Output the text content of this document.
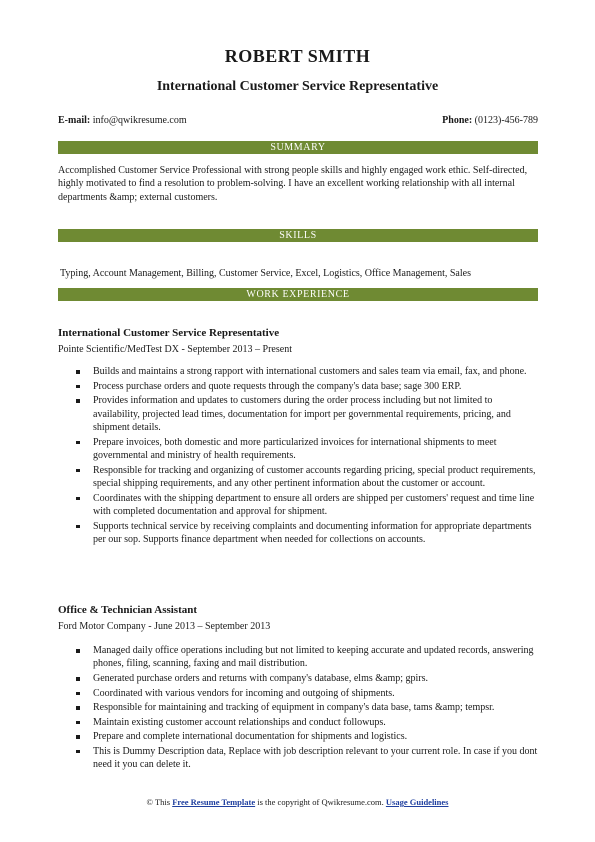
ROBERT SMITH
International Customer Service Representative
E-mail: info@qwikresume.com	Phone: (0123)-456-789
SUMMARY
Accomplished Customer Service Professional with strong people skills and highly engaged work ethic. Self-directed, highly motivated to find a resolution to problem-solving. I have an excellent working relationship with all internal departments &amp; external customers.
SKILLS
Typing, Account Management, Billing, Customer Service, Excel, Logistics, Office Management, Sales
WORK EXPERIENCE
International Customer Service Representative
Pointe Scientific/MedTest DX - September 2013 – Present
Builds and maintains a strong rapport with international customers and sales team via email, fax, and phone.
Process purchase orders and quote requests through the company's data base; sage 300 ERP.
Provides information and updates to customers during the order process including but not limited to availability, projected lead times, documentation for import per governmental requirements, pricing, and shipment details.
Prepare invoices, both domestic and more particularized invoices for international shipments to meet governmental and ministry of health requirements.
Responsible for tracking and organizing of customer accounts regarding pricing, special product requirements, special shipping requirements, and any other pertinent information about the customer or account.
Coordinates with the shipping department to ensure all orders are shipped per customers' request and time line with completed documentation and approval for shipment.
Supports technical service by receiving complaints and documenting information for appropriate departments per our sop. Supports finance department when needed for collections on accounts.
Office & Technician Assistant
Ford Motor Company - June 2013 – September 2013
Managed daily office operations including but not limited to keeping accurate and updated records, answering phones, filing, scanning, faxing and mail distribution.
Generated purchase orders and returns with company's database, elms &amp; gpirs.
Coordinated with various vendors for incoming and outgoing of shipments.
Responsible for maintaining and tracking of equipment in company's data base, tams &amp; tempsr.
Maintain existing customer account relationships and conduct followups.
Prepare and complete international documentation for shipments and logistics.
This is Dummy Description data, Replace with job description relevant to your current role. In case if you dont need it you can delete it.
© This Free Resume Template is the copyright of Qwikresume.com. Usage Guidelines
